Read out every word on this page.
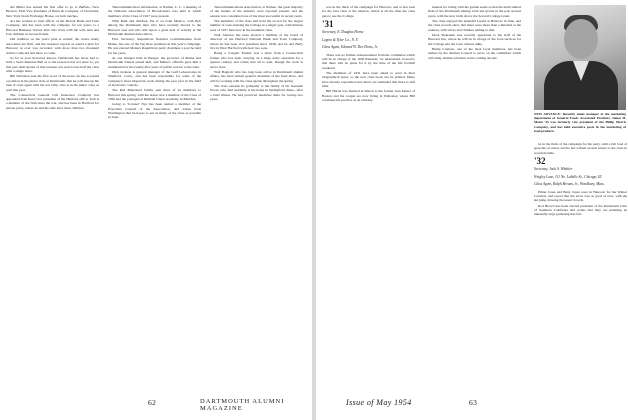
All Miller has earned his first offer to go to Buffalo, New Heaven. First Vice President of Bates & Company of Cleveland, New York Stock Exchange House, on both ranches.

Art has worked as trust officer of the Detroit Bank and Trust Company, and has been with the company for ten years; is a Harvard Business School man who lives with his wife Ann and four children in Grosse Pointe.

Old tradition on the year's plan is settled; the class's many associated are firm, and the treasurer reports as sound a plan for Hanover as ever was recorded, with more than two thousand dollars collected and more to come.

So far as your Secretary knows, Dartmouth has never had to hold a Sears Reunion Bell as to the reason it has not done so; yet this past term sparks of that reunion ran well across half the class with a single letter.

Bill Davidson sent the first word of the news: he has accepted a position in the junior class at Dartmouth, that he will take up the task of class agent with his son Chip, who is in the junior class as well this year.

The Connecticut General Life Insurance Company has appointed Tom Reed vice president of the Hartford office; Tom is a member of the firm since the war, and has been in Hartford for eleven years, where he and his wife have three children.

Telecommunication information, at Nathan, L. I., a meeting of the National Association of Broadcasters was held at which members of the Class of 1927 were present.

With Ruth and children, Pat is on from Mexico, with Bob among the Dartmouth men who have recently moved to the Hanover area and who still report a great deal of activity in the Dartmouth Alumni Association.

First Secretary: Republican National Committeeman from Maine, has one of the big three positions in this year's campaign. He was elected Maine's Republican party chairman, a post he held for ten years.

At one banquet held in Bangor, the governor of Maine and Dartmouth friends joined him, and Maine's officials gave him a testimonial for his twenty-five years of public service to the state.

Dick Jackson is general manager of the Gulf Laboratories in Stamford, Conn., and has been responsible for some of the company's most important work during the past year in the field of electronic controls.

The Red Blanchard family sent three of its members to Hanover this spring, with the eldest now a member of the Class of 1956 and the youngest at Kimball Union Academy in Meriden.

Going to 'Colonel' Nye has been named a member of the Executive Council of the Association, and writes from Washington that he hopes to see as many of the class as possible in June.

Telecommunications Association, at Nathan, the great majority of the leaders of the industry were reported present, and the session was considered one of the most successful in recent years.

The members of the class still hold the record for the largest number of sons entering the College in a single year, with thirteen sons of 1927 men now in the freshman class.

Walt Johnson has been elected a member of the board of directors of the Hartford National Bank and Trust Company, where he has been vice president since 1948, and he and Betty live in West Hartford with their two sons.

Being a 'Cripple' Farmer was a letter from a Connecticut farmer who has been carrying on a large dairy operation for a quarter century and writes that all is well, though the work is never done.

Walt Bagnall, who has long been active in Dartmouth alumni affairs, has been named general chairman of the fund drive, and will be working with the class agents throughout the spring.

The class extends its sympathy to the family of Dr. Kenneth Wood, who died suddenly at his home in Springfield, Mass., after a brief illness. He had practiced medicine there for twenty-two years.

62	DARTMOUTH ALUMNI MAGAZINE

was in the thick of the campaign for Hanover, and at last look for the best class at the reunion, which is all the time the class gets to see the College.

'31
Secretary, E. Douglas Horne
Legion & Tyler Co., N. Y.
Class Agent, Edward W. Dee Dows, Jr.

There was no further announcement from the committee which will be in charge of the 1956 Reunion; we understand, however, that there will be plans for it by the time of the fall football weekend.

The members of 1931 have been asked to send in their biographical notes, so the new class book can be printed. Many have already responded and others are reminded that there is still time.

Bill Harris was married in March to the former Jean Parker of Boston and the couple are now living in Wellesley, where Bill continues his practice as an attorney.

interest for riding with his garden seeds as that the horticultural field of the Dartmouth Outing Club has grown in the past several years, with the new trails above the Second College Grant.

The class enjoyed the splendid Lasted at Hanover in June, and the class records show that there were more than a hundred at the reunion, with wives and children adding to that.

Deck Shanahan was recently appointed to the staff of the Hanover Inn, where he will be in charge of the food services for the College and the town visitors alike.

Hamp Coulson, one of the most loyal members, has been named by the Alumni Council to serve on the committee which will study alumni activities in the coming decade.

NEW ADVANCE: Recently made manager of the marketing department of General Foods Associated Products, James H. Mann '35 was formerly vice president of the Philip Morris Company, and has held executive posts in the marketing of food products.

be in the thick of the campaign for his party, with a full load of speeches as usual, and he has written several letters to the class in recent months.

'32
Secretary, Jack A. Whittier
Wrigley Lane, 111 No. LaSalle St., Chicago, Ill.
Class Agent, Ralph Bevans, Jr., Woodbury, Mass.

Elmer Jones and Betty Jones were in Hanover for the Winter Carnival, and report that the snow was as good as ever, with the ski jump drawing the usual crowds.

Rod Brown has been elected president of the Dartmouth Club of Southern California and writes that they are planning an unusually large gathering this fall.

Issue of May 1954	63
